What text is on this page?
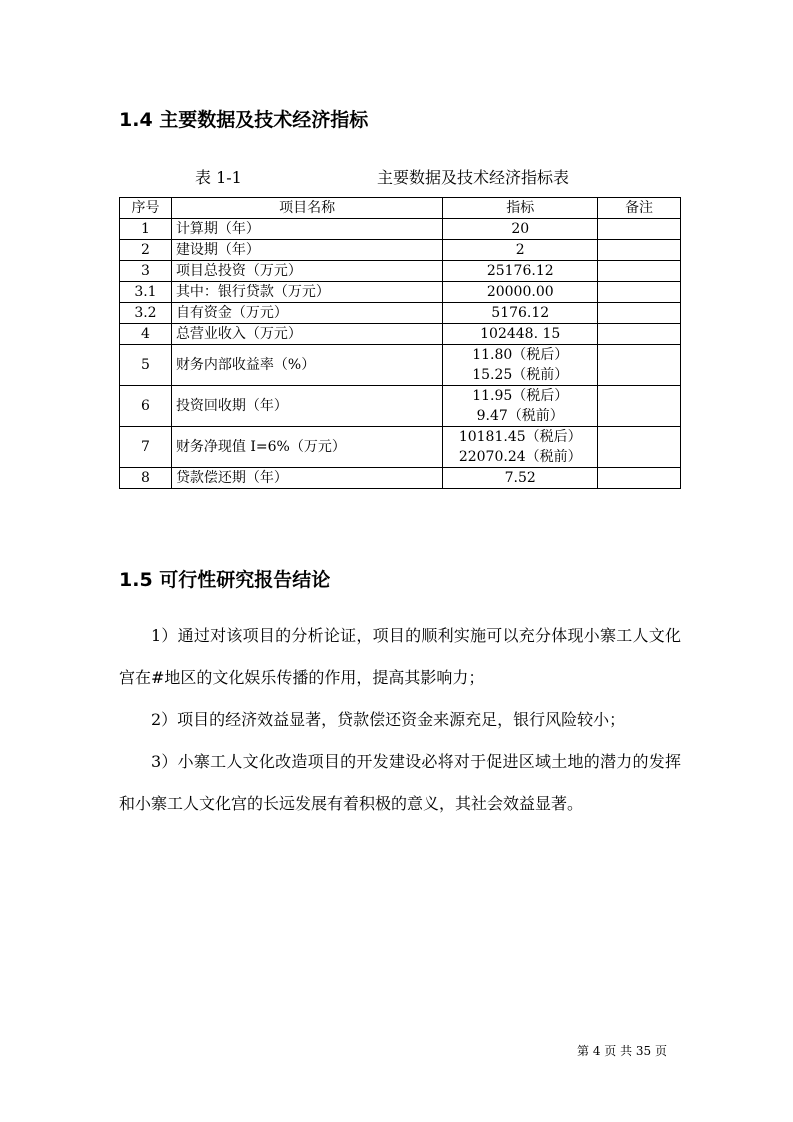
1.4 主要数据及技术经济指标
表 1-1	主要数据及技术经济指标表
序号	项目名称	指标	备注
1	计算期（年）	20	

2	建设期（年）	2	

3	项目总投资（万元）	25176.12	

3.1	其中：银行贷款（万元）	20000.00	

3.2	自有资金（万元）	5176.12	

4	总营业收入（万元）	102448. 15	

5	财务内部收益率（%）	11.80（税后）
15.25（税前）	

6	投资回收期（年）	11.95（税后）
9.47（税前）	

7	财务净现值 I=6%（万元）	10181.45（税后）
22070.24（税前）	

8	贷款偿还期（年）	7.52	

1.5 可行性研究报告结论
1）通过对该项目的分析论证，项目的顺利实施可以充分体现小寨工人文化宫在#地区的文化娱乐传播的作用，提高其影响力；
2）项目的经济效益显著，贷款偿还资金来源充足，银行风险较小；
3）小寨工人文化改造项目的开发建设必将对于促进区域土地的潜力的发挥和小寨工人文化宫的长远发展有着积极的意义，其社会效益显著。
第 4 页 共 35 页
